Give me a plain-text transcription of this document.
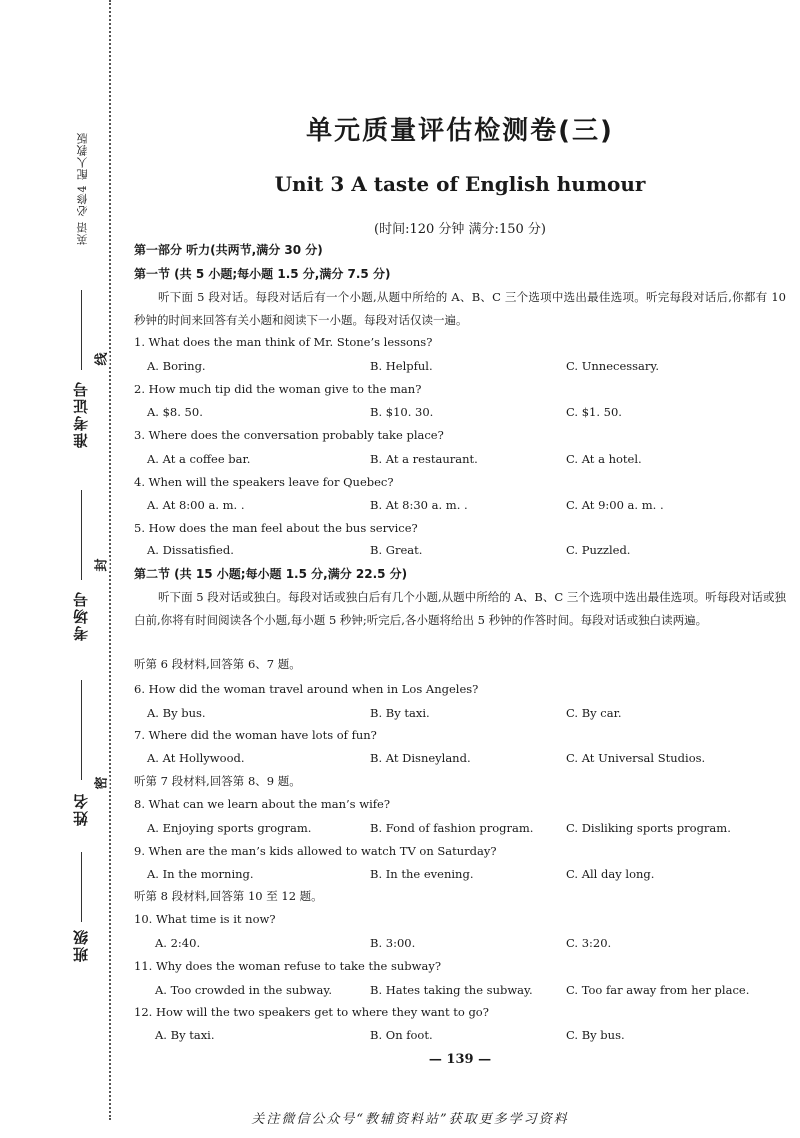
英语 必修4 配人教版
准考证号
考场号
姓名
班级
线
封
密
单元质量评估检测卷(三)
Unit 3 A taste of English humour
(时间:120 分钟 满分:150 分)
第一部分 听力(共两节,满分 30 分)
第一节 (共 5 小题;每小题 1.5 分,满分 7.5 分)
听下面 5 段对话。每段对话后有一个小题,从题中所给的 A、B、C 三个选项中选出最佳选项。听完每段对话后,你都有 10 秒钟的时间来回答有关小题和阅读下一小题。每段对话仅读一遍。
1. What does the man think of Mr. Stone’s lessons?
A. Boring.	B. Helpful.	C. Unnecessary.
2. How much tip did the woman give to the man?
A. $8. 50.	B. $10. 30.	C. $1. 50.
3. Where does the conversation probably take place?
A. At a coffee bar.	B. At a restaurant.	C. At a hotel.
4. When will the speakers leave for Quebec?
A. At 8:00 a. m. .	B. At 8:30 a. m. .	C. At 9:00 a. m. .
5. How does the man feel about the bus service?
A. Dissatisfied.	B. Great.	C. Puzzled.
第二节 (共 15 小题;每小题 1.5 分,满分 22.5 分)
听下面 5 段对话或独白。每段对话或独白后有几个小题,从题中所给的 A、B、C 三个选项中选出最佳选项。听每段对话或独白前,你将有时间阅读各个小题,每小题 5 秒钟;听完后,各小题将给出 5 秒钟的作答时间。每段对话或独白读两遍。
听第 6 段材料,回答第 6、7 题。
6. How did the woman travel around when in Los Angeles?
A. By bus.	B. By taxi.	C. By car.
7. Where did the woman have lots of fun?
A. At Hollywood.	B. At Disneyland.	C. At Universal Studios.
听第 7 段材料,回答第 8、9 题。
8. What can we learn about the man’s wife?
A. Enjoying sports grogram.	B. Fond of fashion program.	C. Disliking sports program.
9. When are the man’s kids allowed to watch TV on Saturday?
A. In the morning.	B. In the evening.	C. All day long.
听第 8 段材料,回答第 10 至 12 题。
10. What time is it now?
A. 2:40.	B. 3:00.	C. 3:20.
11. Why does the woman refuse to take the subway?
A. Too crowded in the subway.	B. Hates taking the subway.	C. Too far away from her place.
12. How will the two speakers get to where they want to go?
A. By taxi.	B. On foot.	C. By bus.
— 139 —
关注微信公众号“教辅资料站”获取更多学习资料
